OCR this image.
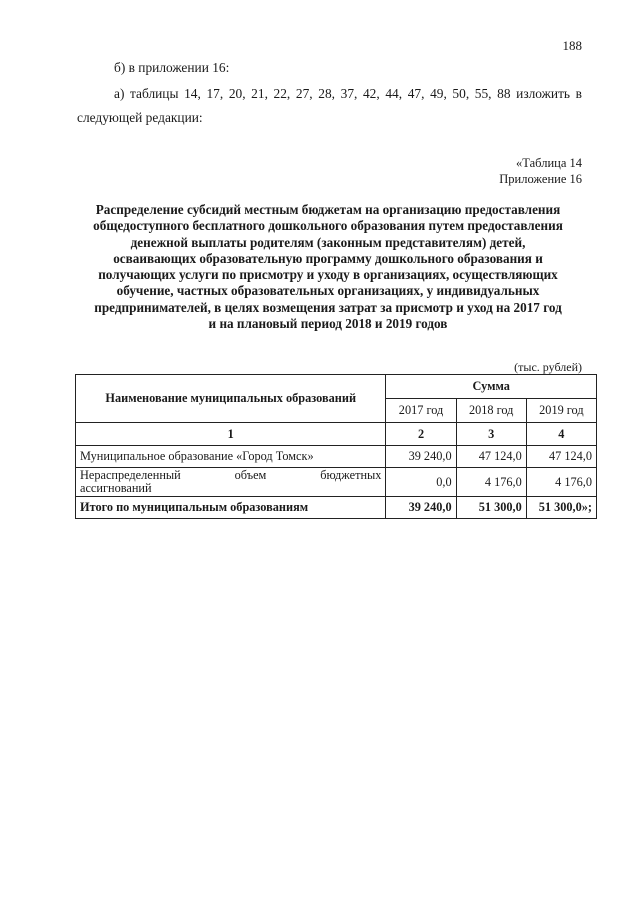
188
б) в приложении 16:
а) таблицы 14, 17, 20, 21, 22, 27, 28, 37, 42, 44, 47, 49, 50, 55, 88 изложить в
следующей редакции:
«Таблица 14
Приложение 16
Распределение субсидий местным бюджетам на организацию предоставления
общедоступного бесплатного дошкольного образования путем предоставления
денежной выплаты родителям (законным представителям) детей,
осваивающих образовательную программу дошкольного образования и
получающих услуги по присмотру и уходу в организациях, осуществляющих
обучение, частных образовательных организациях, у индивидуальных
предпринимателей, в целях возмещения затрат за присмотр и уход на 2017 год
и на плановый период 2018 и 2019 годов
(тыс. рублей)
Наименование муниципальных образований	Сумма		
	2017 год	2018 год	2019 год
1	2	3	4
Муниципальное образование «Город Томск»	39 240,0	47 124,0	47 124,0

Нераспределенный объем бюджетных
ассигнований	0,0	4 176,0	4 176,0
Итого по муниципальным образованиям	39 240,0	51 300,0	51 300,0»;
